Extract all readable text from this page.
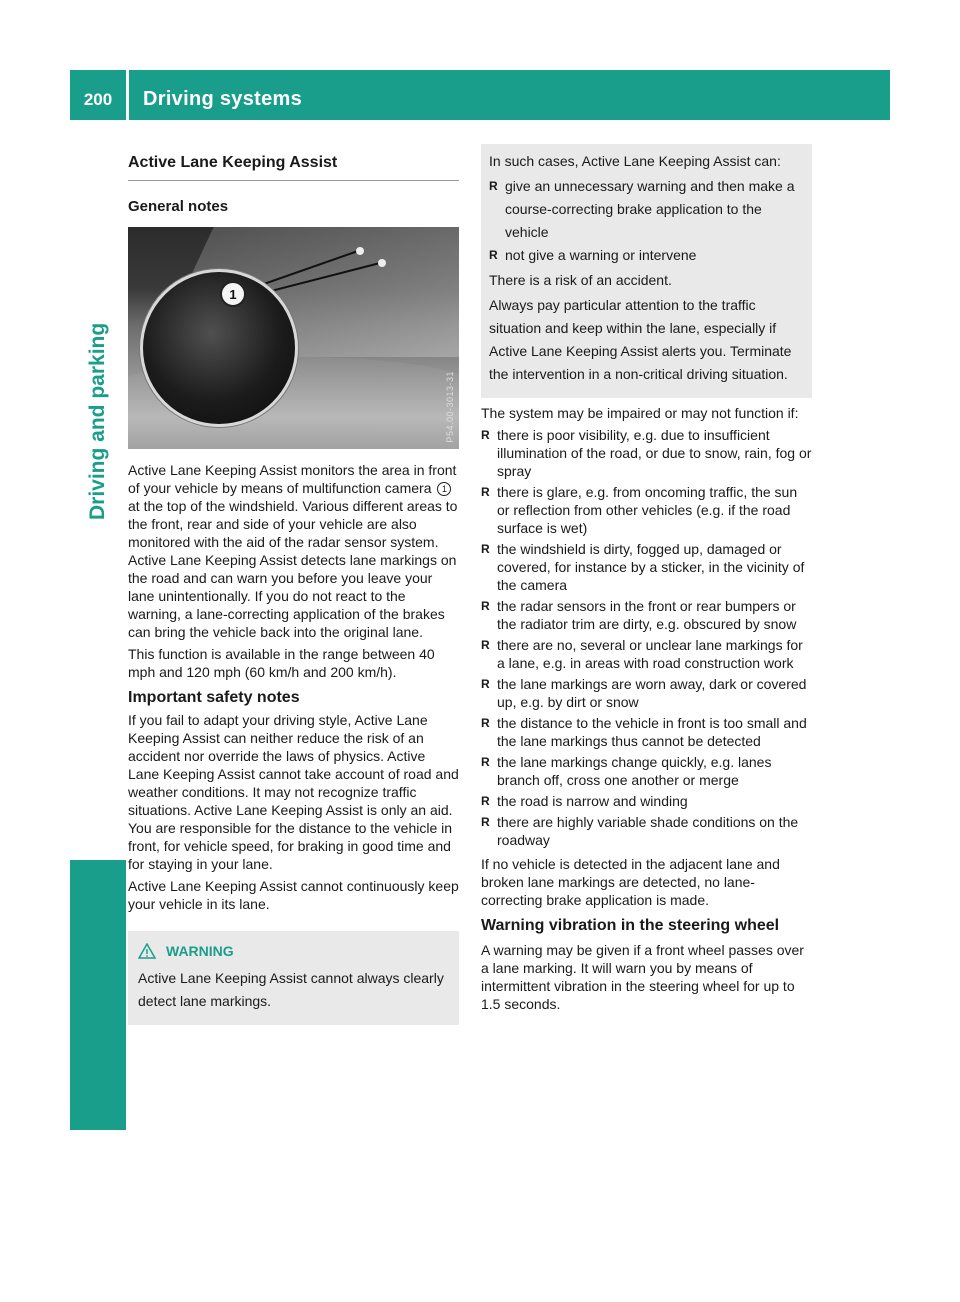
200	Driving systems
Driving and parking
Active Lane Keeping Assist
General notes
1
P54.00-3013-31

Active Lane Keeping Assist monitors the area in front of your vehicle by means of multifunction camera 1 at the top of the windshield. Various different areas to the front, rear and side of your vehicle are also monitored with the aid of the radar sensor system. Active Lane Keeping Assist detects lane markings on the road and can warn you before you leave your lane unintentionally. If you do not react to the warning, a lane-correcting application of the brakes can bring the vehicle back into the original lane.

This function is available in the range between 40 mph and 120 mph (60 km/h and 200 km/h).

Important safety notes

If you fail to adapt your driving style, Active Lane Keeping Assist can neither reduce the risk of an accident nor override the laws of physics. Active Lane Keeping Assist cannot take account of road and weather conditions. It may not recognize traffic situations. Active Lane Keeping Assist is only an aid. You are responsible for the distance to the vehicle in front, for vehicle speed, for braking in good time and for staying in your lane.

Active Lane Keeping Assist cannot continuously keep your vehicle in its lane.

WARNING

Active Lane Keeping Assist cannot always clearly detect lane markings.

In such cases, Active Lane Keeping Assist can:

R give an unnecessary warning and then make a course-correcting brake application to the vehicle
R not give a warning or intervene

There is a risk of an accident.

Always pay particular attention to the traffic situation and keep within the lane, especially if Active Lane Keeping Assist alerts you. Terminate the intervention in a non-critical driving situation.

The system may be impaired or may not function if:

R there is poor visibility, e.g. due to insufficient illumination of the road, or due to snow, rain, fog or spray
R there is glare, e.g. from oncoming traffic, the sun or reflection from other vehicles (e.g. if the road surface is wet)
R the windshield is dirty, fogged up, damaged or covered, for instance by a sticker, in the vicinity of the camera
R the radar sensors in the front or rear bumpers or the radiator trim are dirty, e.g. obscured by snow
R there are no, several or unclear lane markings for a lane, e.g. in areas with road construction work
R the lane markings are worn away, dark or covered up, e.g. by dirt or snow
R the distance to the vehicle in front is too small and the lane markings thus cannot be detected
R the lane markings change quickly, e.g. lanes branch off, cross one another or merge
R the road is narrow and winding
R there are highly variable shade conditions on the roadway

If no vehicle is detected in the adjacent lane and broken lane markings are detected, no lane-correcting brake application is made.

Warning vibration in the steering wheel

A warning may be given if a front wheel passes over a lane marking. It will warn you by means of intermittent vibration in the steering wheel for up to 1.5 seconds.
